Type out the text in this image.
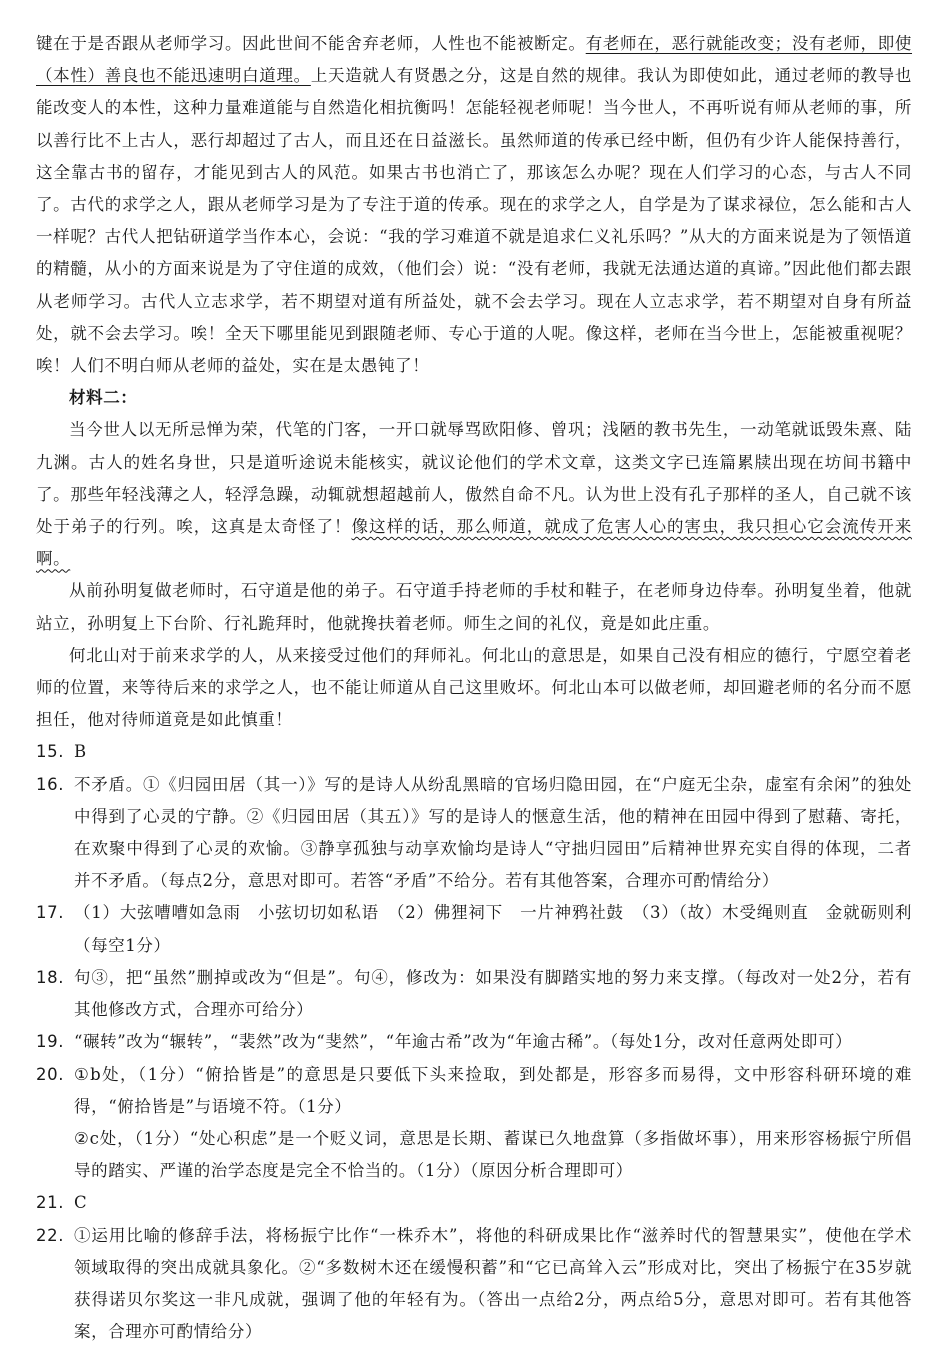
键在于是否跟从老师学习。因此世间不能舍弃老师，人性也不能被断定。有老师在，恶行就能改变；没有老师，即使（本性）善良也不能迅速明白道理。上天造就人有贤愚之分，这是自然的规律。我认为即使如此，通过老师的教导也能改变人的本性，这种力量难道能与自然造化相抗衡吗！怎能轻视老师呢！当今世人，不再听说有师从老师的事，所以善行比不上古人，恶行却超过了古人，而且还在日益滋长。虽然师道的传承已经中断，但仍有少许人能保持善行，这全靠古书的留存，才能见到古人的风范。如果古书也消亡了，那该怎么办呢？现在人们学习的心态，与古人不同了。古代的求学之人，跟从老师学习是为了专注于道的传承。现在的求学之人，自学是为了谋求禄位，怎么能和古人一样呢？古代人把钻研道学当作本心，会说：“我的学习难道不就是追求仁义礼乐吗？”从大的方面来说是为了领悟道的精髓，从小的方面来说是为了守住道的成效，（他们会）说：“没有老师，我就无法通达道的真谛。”因此他们都去跟从老师学习。古代人立志求学，若不期望对道有所益处，就不会去学习。现在人立志求学，若不期望对自身有所益处，就不会去学习。唉！全天下哪里能见到跟随老师、专心于道的人呢。像这样，老师在当今世上，怎能被重视呢？唉！人们不明白师从老师的益处，实在是太愚钝了！

材料二：

当今世人以无所忌惮为荣，代笔的门客，一开口就辱骂欧阳修、曾巩；浅陋的教书先生，一动笔就诋毁朱熹、陆九渊。古人的姓名身世，只是道听途说未能核实，就议论他们的学术文章，这类文字已连篇累牍出现在坊间书籍中了。那些年轻浅薄之人，轻浮急躁，动辄就想超越前人，傲然自命不凡。认为世上没有孔子那样的圣人，自己就不该处于弟子的行列。唉，这真是太奇怪了！像这样的话，那么师道，就成了危害人心的害虫，我只担心它会流传开来啊。

从前孙明复做老师时，石守道是他的弟子。石守道手持老师的手杖和鞋子，在老师身边侍奉。孙明复坐着，他就站立，孙明复上下台阶、行礼跪拜时，他就搀扶着老师。师生之间的礼仪，竟是如此庄重。

何北山对于前来求学的人，从来接受过他们的拜师礼。何北山的意思是，如果自己没有相应的德行，宁愿空着老师的位置，来等待后来的求学之人，也不能让师道从自己这里败坏。何北山本可以做老师，却回避老师的名分而不愿担任，他对待师道竟是如此慎重！

15. B
16. 不矛盾。①《归园田居（其一）》写的是诗人从纷乱黑暗的官场归隐田园，在“户庭无尘杂，虚室有余闲”的独处中得到了心灵的宁静。②《归园田居（其五）》写的是诗人的惬意生活，他的精神在田园中得到了慰藉、寄托，在欢聚中得到了心灵的欢愉。③静享孤独与动享欢愉均是诗人“守拙归园田”后精神世界充实自得的体现，二者并不矛盾。（每点2分，意思对即可。若答“矛盾”不给分。若有其他答案，合理亦可酌情给分）
17. （1）大弦嘈嘈如急雨　小弦切切如私语　（2）佛狸祠下　一片神鸦社鼓　（3）（故）木受绳则直　金就砺则利（每空1分）
18. 句③，把“虽然”删掉或改为“但是”。句④，修改为：如果没有脚踏实地的努力来支撑。（每改对一处2分，若有其他修改方式，合理亦可给分）
19. “碾转”改为“辗转”，“裴然”改为“斐然”，“年逾古希”改为“年逾古稀”。（每处1分，改对任意两处即可）
20. ①b处，（1分）“俯拾皆是”的意思是只要低下头来捡取，到处都是，形容多而易得，文中形容科研环境的难得，“俯拾皆是”与语境不符。（1分）
②c处，（1分）“处心积虑”是一个贬义词，意思是长期、蓄谋已久地盘算（多指做坏事），用来形容杨振宁所倡导的踏实、严谨的治学态度是完全不恰当的。（1分）（原因分析合理即可）
21. C
22. ①运用比喻的修辞手法，将杨振宁比作“一株乔木”，将他的科研成果比作“滋养时代的智慧果实”，使他在学术领域取得的突出成就具象化。②“多数树木还在缓慢积蓄”和“它已高耸入云”形成对比，突出了杨振宁在35岁就获得诺贝尔奖这一非凡成就，强调了他的年轻有为。（答出一点给2分，两点给5分，意思对即可。若有其他答案，合理亦可酌情给分）
